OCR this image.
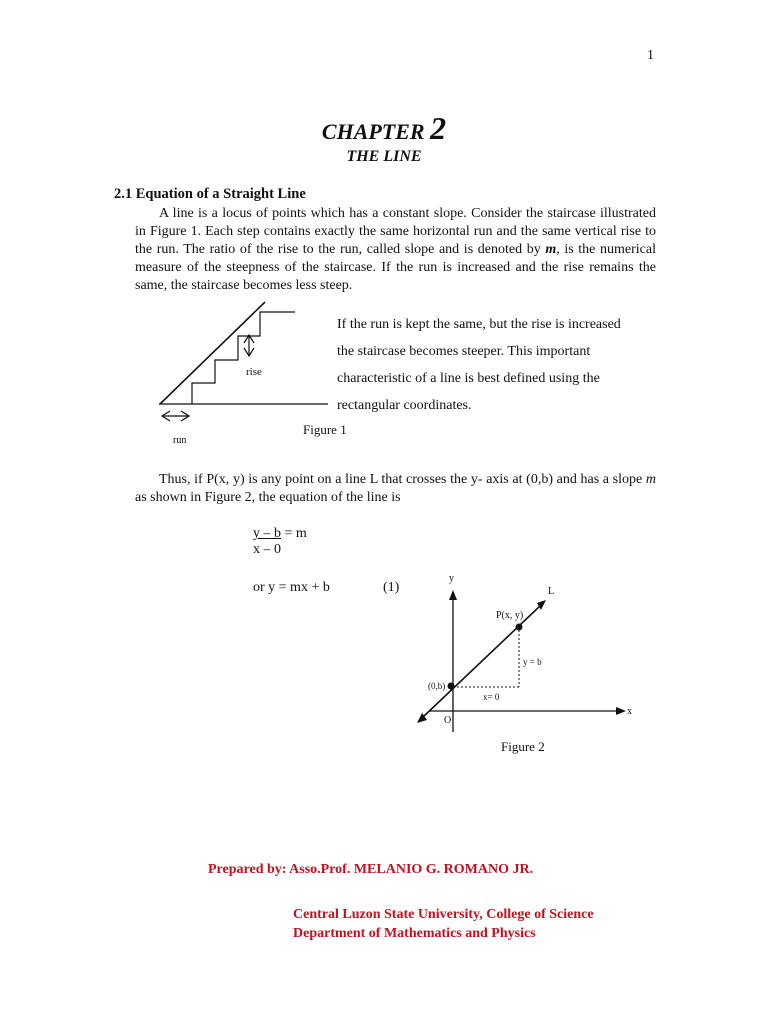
1
CHAPTER 2
THE LINE
2.1 Equation of a Straight Line
A line is a locus of points which has a constant slope. Consider the staircase illustrated in Figure 1. Each step contains exactly the same horizontal run and the same vertical rise to the run. The ratio of the rise to the run, called slope and is denoted by m, is the numerical measure of the steepness of the staircase. If the run is increased and the rise remains the same, the staircase becomes less steep.
rise
run
If the run is kept the same, but the rise is increased
the staircase becomes steeper. This important
characteristic of a line is best defined using the
rectangular coordinates.
Figure 1
Thus, if P(x, y) is any point on a line L that crosses the y- axis at (0,b) and has a slope m as shown in Figure 2, the equation of the line is
y – b = m
x – 0
or y = mx + b	(1)
y
L
P(x, y)
y = b
(0,b)
x= 0
x
O
Figure 2
Prepared by: Asso.Prof. MELANIO G. ROMANO JR.
Central Luzon State University, College of Science
Department of Mathematics and Physics
